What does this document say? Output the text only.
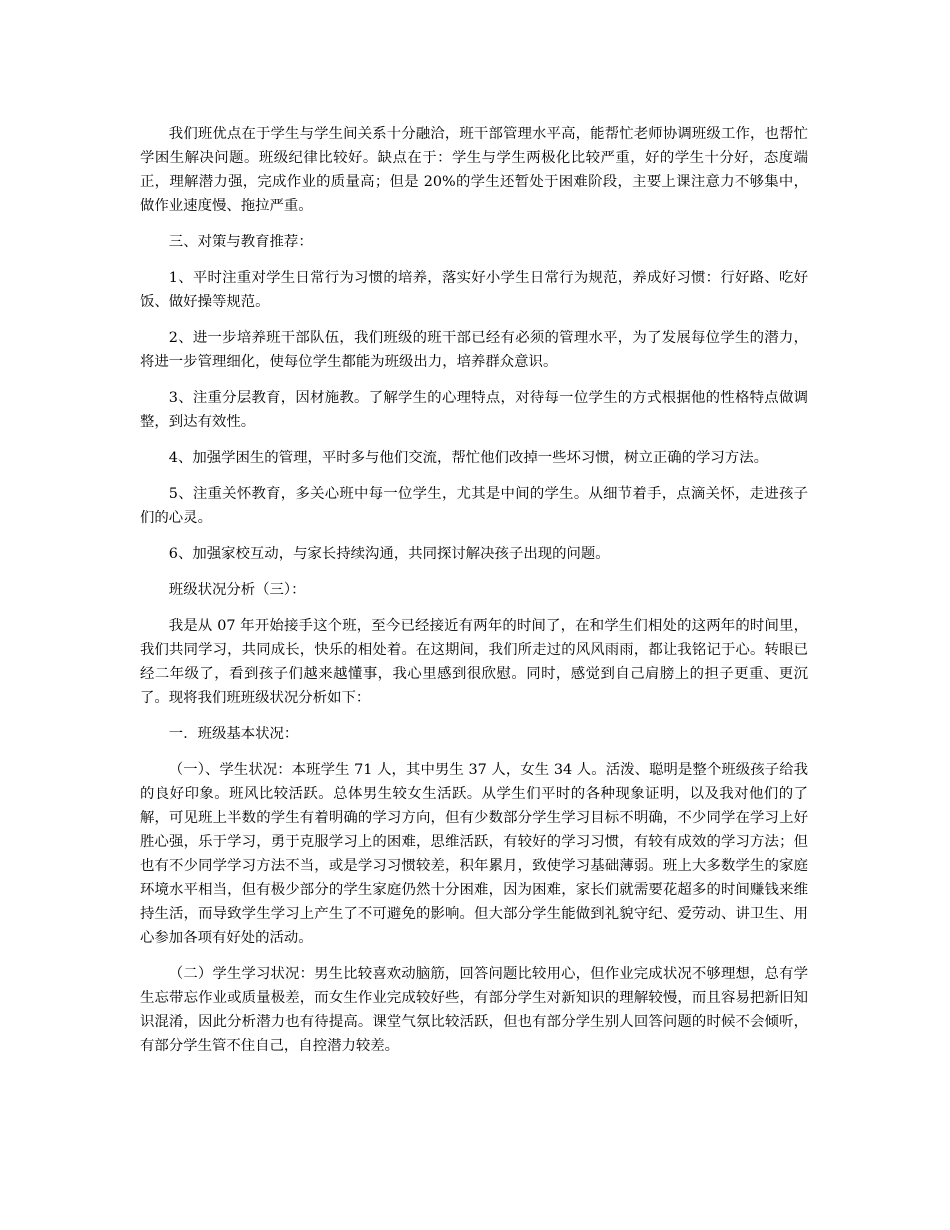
我们班优点在于学生与学生间关系十分融洽，班干部管理水平高，能帮忙老师协调班级工作，也帮忙学困生解决问题。班级纪律比较好。缺点在于：学生与学生两极化比较严重，好的学生十分好，态度端正，理解潜力强，完成作业的质量高；但是 20%的学生还暂处于困难阶段，主要上课注意力不够集中，做作业速度慢、拖拉严重。

三、对策与教育推荐：

1、平时注重对学生日常行为习惯的培养，落实好小学生日常行为规范，养成好习惯：行好路、吃好饭、做好操等规范。

2、进一步培养班干部队伍，我们班级的班干部已经有必须的管理水平，为了发展每位学生的潜力，将进一步管理细化，使每位学生都能为班级出力，培养群众意识。

3、注重分层教育，因材施教。了解学生的心理特点，对待每一位学生的方式根据他的性格特点做调整，到达有效性。

4、加强学困生的管理，平时多与他们交流，帮忙他们改掉一些坏习惯，树立正确的学习方法。

5、注重关怀教育，多关心班中每一位学生，尤其是中间的学生。从细节着手，点滴关怀，走进孩子们的心灵。

6、加强家校互动，与家长持续沟通，共同探讨解决孩子出现的问题。

班级状况分析（三）：

我是从 07 年开始接手这个班，至今已经接近有两年的时间了，在和学生们相处的这两年的时间里，我们共同学习，共同成长，快乐的相处着。在这期间，我们所走过的风风雨雨，都让我铭记于心。转眼已经二年级了，看到孩子们越来越懂事，我心里感到很欣慰。同时，感觉到自己肩膀上的担子更重、更沉了。现将我们班班级状况分析如下：

一．班级基本状况：

（一）、学生状况：本班学生 71 人，其中男生 37 人，女生 34 人。活泼、聪明是整个班级孩子给我的良好印象。班风比较活跃。总体男生较女生活跃。从学生们平时的各种现象证明，以及我对他们的了解，可见班上半数的学生有着明确的学习方向，但有少数部分学生学习目标不明确，不少同学在学习上好胜心强，乐于学习，勇于克服学习上的困难，思维活跃，有较好的学习习惯，有较有成效的学习方法；但也有不少同学学习方法不当，或是学习习惯较差，积年累月，致使学习基础薄弱。班上大多数学生的家庭环境水平相当，但有极少部分的学生家庭仍然十分困难，因为困难，家长们就需要花超多的时间赚钱来维持生活，而导致学生学习上产生了不可避免的影响。但大部分学生能做到礼貌守纪、爱劳动、讲卫生、用心参加各项有好处的活动。

（二）学生学习状况：男生比较喜欢动脑筋，回答问题比较用心，但作业完成状况不够理想，总有学生忘带忘作业或质量极差，而女生作业完成较好些，有部分学生对新知识的理解较慢，而且容易把新旧知识混淆，因此分析潜力也有待提高。课堂气氛比较活跃，但也有部分学生别人回答问题的时候不会倾听，有部分学生管不住自己，自控潜力较差。
